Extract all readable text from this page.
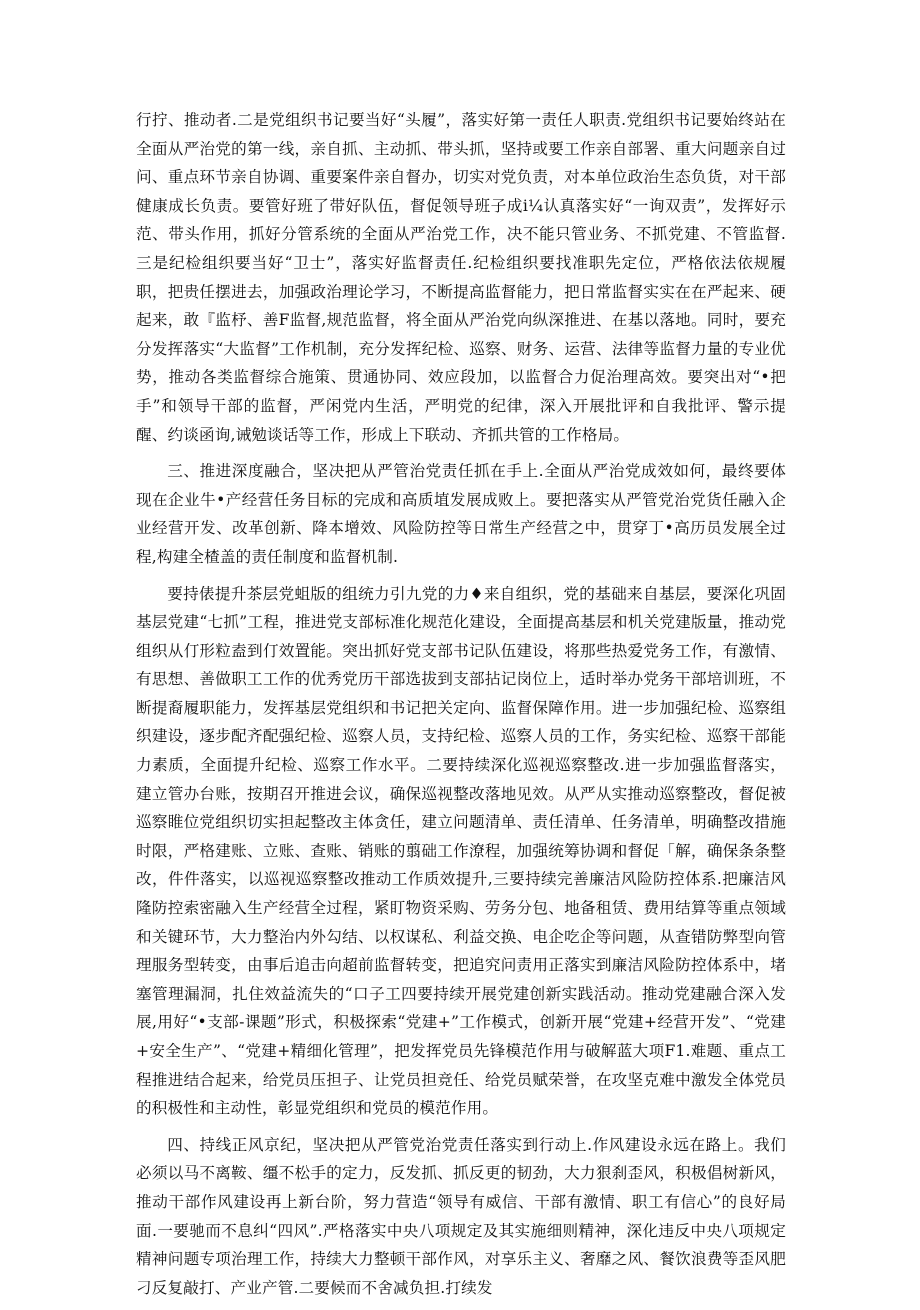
行拧、推动者.二是党组织书记要当好“头履”，落实好第一责任人职责.党组织书记要始终站在全面从严治党的第一线，亲自抓、主动抓、带头抓，坚持或要工作亲自部署、重大问题亲自过问、重点环节亲自协调、重要案件亲自督办，切实对党负责，对本单位政治生态负货，对干部健康成长负责。要管好班了带好队伍，督促领导班子成i¼认真落实好“一询双责”，发挥好示范、带头作用，抓好分管系统的全面从严治党工作，决不能只管业务、不抓党建、不管监督.三是纪检组织要当好“卫士”，落实好监督责任.纪检组织要找准职先定位，严格依法依规履职，把贵任摆进去，加强政治理论学习，不断提高监督能力，把日常监督实实在在严起来、硬起来，敢『监杼、善F监督,规范监督，将全面从严治党向纵深推进、在基以落地。同时，要充分发挥落实“大监督”工作机制，充分发挥纪检、巡察、财务、运营、法律等监督力量的专业优势，推动各类监督综合施策、贯通协同、效应段加，以监督合力促治理高效。要突出对“•把手”和领导干部的监督，严闲党内生活，严明党的纪律，深入开展批评和自我批评、警示提醒、约谈函询,诫勉谈话等工作，形成上下联动、齐抓共管的工作格局。

三、推进深度融合，坚决把从严管治党责任抓在手上.全面从严治党成效如何，最终要体现在企业牛•产经营任务目标的完成和高质埴发展成败上。要把落实从严管党治党货任融入企业经营开发、改革创新、降本增效、风险防控等日常生产经营之中，贯穿丁•高历员发展全过程,构建全楂盖的责任制度和监督机制.

要持俵提升茶层党蛆版的组统力引九党的力♦来自组织，党的基础来自基层，要深化巩固基层党建“七抓”工程，推进党支部标准化规范化建设，全面提高基层和机关党建版量，推动党组织从仃形粒盍到仃效置能。突出抓好党支部书记队伍建设，将那些热爱党务工作，有激情、有思想、善做职工工作的优秀党历干部选拔到支部拈记岗位上，适时举办党务干部培训班，不断提裔履职能力，发挥基层党组织和书记把关定向、监督保障作用。进一步加强纪检、巡察组织建设，逐步配齐配强纪检、巡察人员，支持纪检、巡察人员的工作，务实纪检、巡察干部能力素质，全面提升纪检、巡察工作水平。二要持续深化巡视巡察整改.进一步加强监督落实，建立管办台账，按期召开推进会议，确保巡视整改落地见效。从严从实推动巡察整改，督促被巡察睢位党组织切实担起整改主体贪任，建立问题清单、责任清单、任务清单，明确整改措施时限，严格建账、立账、查账、销账的翦础工作潦程，加强统筹协调和督促「解，确保条条整改，件件落实，以巡视巡察整改推动工作质效提升,三要持续完善廉洁风险防控体系.把廉洁风隆防控索密融入生产经营全过程，紧盯物资采购、劳务分包、地备租赁、费用结算等重点领域和关键环节，大力整治内外勾结、以权谋私、利益交换、电企吃企等问题，从查错防弊型向管理服务型转变，由事后追击向超前监督转变，把追究问责用正落实到廉洁风险防控体系中，堵塞管理漏洞，扎住效益流失的“口子工四要持续开展党建创新实践活动。推动党建融合深入发展,用好“•支部-课题”形式，积极探索“党建+”工作模式，创新开展“党建+经营开发”、“党建+安全生产”、“党建+精细化管理”，把发挥党员先锋模范作用与破解蓝大项F1.难题、重点工程推进结合起来，给党员压担子、让党员担竞任、给党员赋荣誉，在攻坚克难中激发全体党员的积极性和主动性，彰显党组织和党员的模范作用。

四、持线正风京纪，坚决把从严管党治党责任落实到行动上.作风建设永远在路上。我们必须以马不离鞍、缰不松手的定力，反发抓、抓反更的韧劲，大力狠刹歪风，积极倡树新风，推动干部作风建设再上新台阶，努力营造“领导有威信、干部有激情、职工有信心”的良好局面.一要驰而不息纠“四风”.严格落实中央八项规定及其实施细则精神，深化违反中央八项规定精神问题专项治理工作，持续大力整顿干部作风，对享乐主义、奢靡之风、餐饮浪费等歪风肥刁反复敲打、产业产管.二要候而不舍减负担.打续发
